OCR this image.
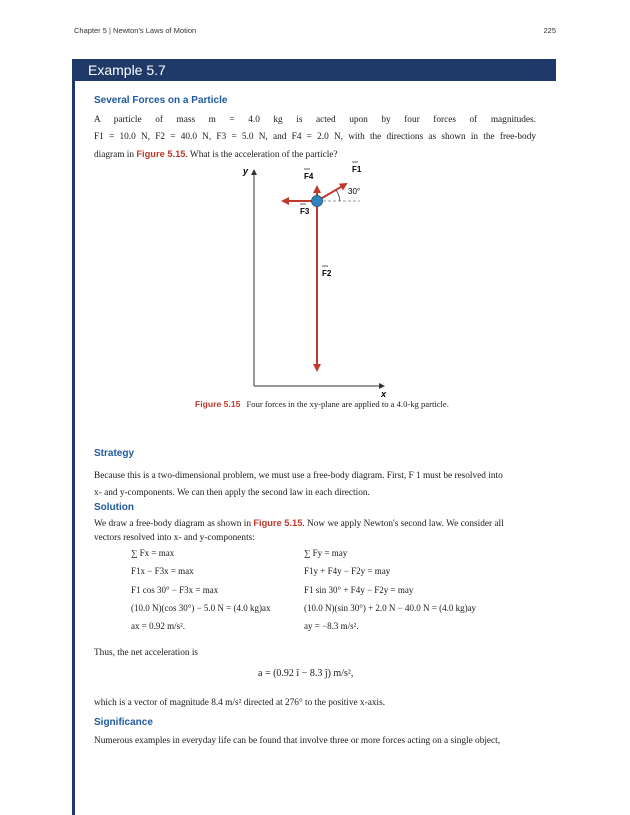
Chapter 5 | Newton's Laws of Motion	225
Example 5.7
Several Forces on a Particle
A particle of mass m = 4.0 kg is acted upon by four forces of magnitudes.
F1 = 10.0 N, F2 = 40.0 N, F3 = 5.0 N, and F4 = 2.0 N, with the directions as shown in the free-body
diagram in Figure 5.15. What is the acceleration of the particle?
y
x
30°
F1
F4
F3
F2
Figure 5.15 Four forces in the xy-plane are applied to a 4.0-kg particle.
Strategy
Because this is a two-dimensional problem, we must use a free-body diagram. First, F 1 must be resolved into
x- and y-components. We can then apply the second law in each direction.
Solution
We draw a free-body diagram as shown in Figure 5.15. Now we apply Newton's second law. We consider all
vectors resolved into x- and y-components:
∑ Fx = max
F1x − F3x = max
F1 cos 30° − F3x = max
(10.0 N)(cos 30°) − 5.0 N = (4.0 kg)ax
ax = 0.92 m/s².
∑ Fy = may
F1y + F4y − F2y = may
F1 sin 30° + F4y − F2y = may
(10.0 N)(sin 30°) + 2.0 N − 40.0 N = (4.0 kg)ay
ay = −8.3 m/s².
Thus, the net acceleration is
a = (0.92 î − 8.3 ĵ) m/s²,
which is a vector of magnitude 8.4 m/s² directed at 276° to the positive x-axis.
Significance
Numerous examples in everyday life can be found that involve three or more forces acting on a single object,
